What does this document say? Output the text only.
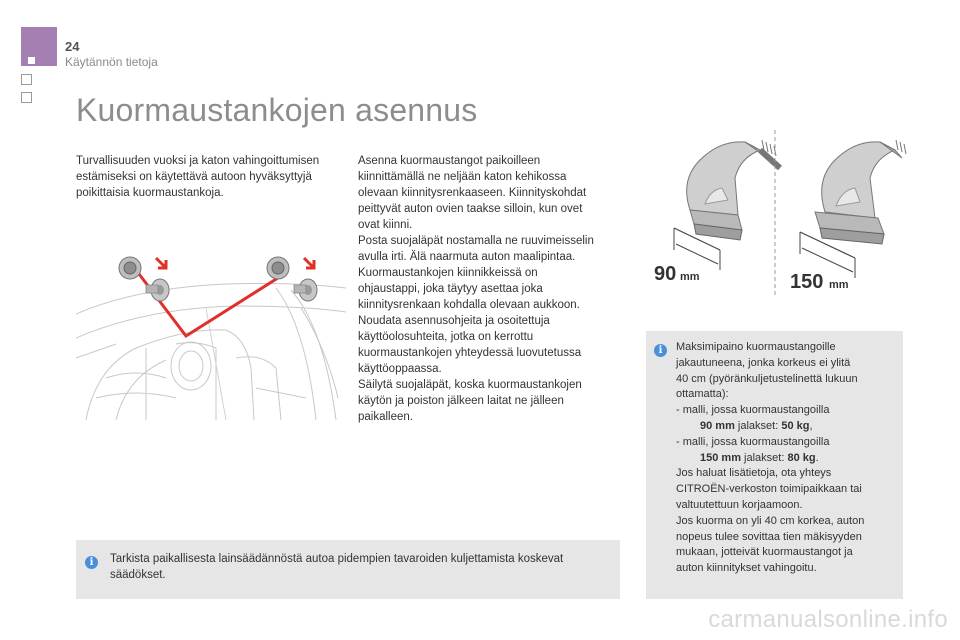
24
Käytännön tietoja
Kuormaustankojen asennus
Turvallisuuden vuoksi ja katon vahingoittumisen estämiseksi on käytettävä autoon hyväksyttyjä poikittaisia kuormaustankoja.
Asenna kuormaustangot paikoilleen
kiinnittämällä ne neljään katon kehikossa
olevaan kiinnitysrenkaaseen. Kiinnityskohdat
peittyvät auton ovien taakse silloin, kun ovet
ovat kiinni.
Posta suojaläpät nostamalla ne ruuvimeisselin
avulla irti. Älä naarmuta auton maalipintaa.
Kuormaustankojen kiinnikkeissä on
ohjaustappi, joka täytyy asettaa joka
kiinnitysrenkaan kohdalla olevaan aukkoon.
Noudata asennusohjeita ja osoitettuja
käyttöolosuhteita, jotka on kerrottu
kuormaustankojen yhteydessä luovutetussa
käyttöoppaassa.
Säilytä suojaläpät, koska kuormaustankojen
käytön ja poiston jälkeen laitat ne jälleen
paikalleen.
90 mm	150 mm
i	Maksimipaino kuormaustangoille
jakautuneena, jonka korkeus ei ylitä
40 cm (pyöränkuljetustelinettä lukuun
ottamatta):
- malli, jossa kuormaustangoilla
90 mm jalakset: 50 kg,
- malli, jossa kuormaustangoilla
150 mm jalakset: 80 kg.
Jos haluat lisätietoja, ota yhteys
CITROËN-verkoston toimipaikkaan tai
valtuutettuun korjaamoon.
Jos kuorma on yli 40 cm korkea, auton
nopeus tulee sovittaa tien mäkisyyden
mukaan, jotteivät kuormaustangot ja
auton kiinnitykset vahingoitu.
i	Tarkista paikallisesta lainsäädännöstä autoa pidempien tavaroiden kuljettamista koskevat säädökset.
carmanualsonline.info
